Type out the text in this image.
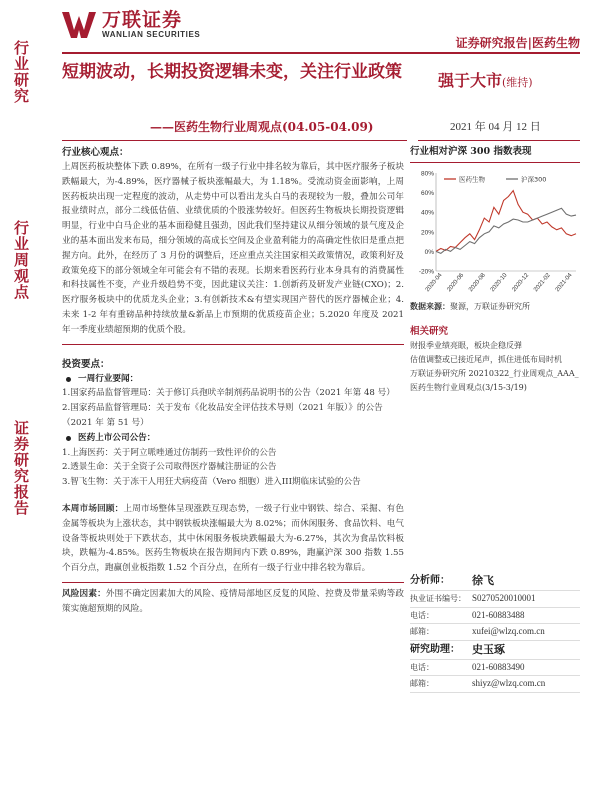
行业研究
行业周观点
证券研究报告
万联证券
WANLIAN SECURITIES
证券研究报告|医药生物
短期波动，长期投资逻辑未变，关注行业政策
——医药生物行业周观点(04.05-04.09)
强于大市(维持)
2021 年 04 月 12 日
行业核心观点：
上周医药板块整体下跌 0.89%，在所有一级子行业中排名较为靠后，其中医疗服务子板块跌幅最大，为-4.89%，医疗器械子板块涨幅最大，为 1.18%。受流动资金面影响，上周医药板块出现一定程度的波动，从走势中可以看出龙头白马的表现较为一般，叠加公司年报业绩时点，部分二线低估值、业绩优质的个股涨势较好。但医药生物板块长期投资逻辑明显，行业中白马企业的基本面稳健且强劲，因此我们坚持建议从细分领域的景气度及企业的基本面出发来布局，细分领域的高成长空间及企业盈利能力的高确定性依旧是重点把握方向。此外，在经历了 3 月份的调整后，还应重点关注国家相关政策情况，政策利好及政策免疫下的部分领域全年可能会有不错的表现。长期来看医药行业本身具有的消费属性和科技属性不变，产业升级趋势不变，因此建议关注：1.创新药及研发产业链(CXO)；2.医疗服务板块中的优质龙头企业；3.有创新技术&有望实现国产替代的医疗器械企业；4.未来 1-2 年有重磅品种持续放量&新品上市预期的优质疫苗企业；5.2020 年度及 2021 年一季度业绩超预期的优质个股。
投资要点：
一周行业要闻：
1.国家药品监督管理局：关于修订兵孢吠辛制剂药品说明书的公告（2021 年第 48 号）
2.国家药品监督管理局：关于发布《化妆品安全评估技术导则（2021 年版）》的公告（2021 年 第 51 号）
医药上市公司公告：
1.上海医药：关于阿立哌唑通过仿制药一致性评价的公告
2.透景生命：关于全资子公司取得医疗器械注册证的公告
3.智飞生物：关于冻干人用狂犬病疫苗（Vero 细胞）进入III期临床试验的公告
本周市场回顾：上周市场整体呈现涨跌互现态势，一级子行业中钢铁、综合、采掘、有色金属等板块为上涨状态，其中钢铁板块涨幅最大为 8.02%；而休闲服务、食品饮料、电气设备等板块则处于下跌状态，其中休闲服务板块跌幅最大为-6.27%，其次为食品饮料板块，跌幅为-4.85%。医药生物板块在报告期间内下跌 0.89%，跑赢沪深 300 指数 1.55 个百分点，跑赢创业板指数 1.52 个百分点，在所有一级子行业中排名较为靠后。
风险因素：外围不确定因素加大的风险、疫情局部地区反复的风险、控费及带量采购等政策实施超预期的风险。
行业相对沪深 300 指数表现
80%
60%
40%
20%
0%
-20%
2020-04 2020-06 2020-08 2020-10 2020-12 2021-02 2021-04
医药生物	沪深300
数据来源：聚源，万联证券研究所
相关研究
财报季业绩亮眼，板块企稳反弹
估值调整或已接近尾声，抓住进低布局时机
万联证券研究所 20210322_行业周观点_AAA_医药生物行业周观点(3/15-3/19)
分析师：	徐飞
执业证书编号： S0270520010001
电话：	021-60883488
邮箱：	xufei@wlzq.com.cn
研究助理：	史玉琢
电话：	021-60883490
邮箱：	shiyz@wlzq.com.cn
